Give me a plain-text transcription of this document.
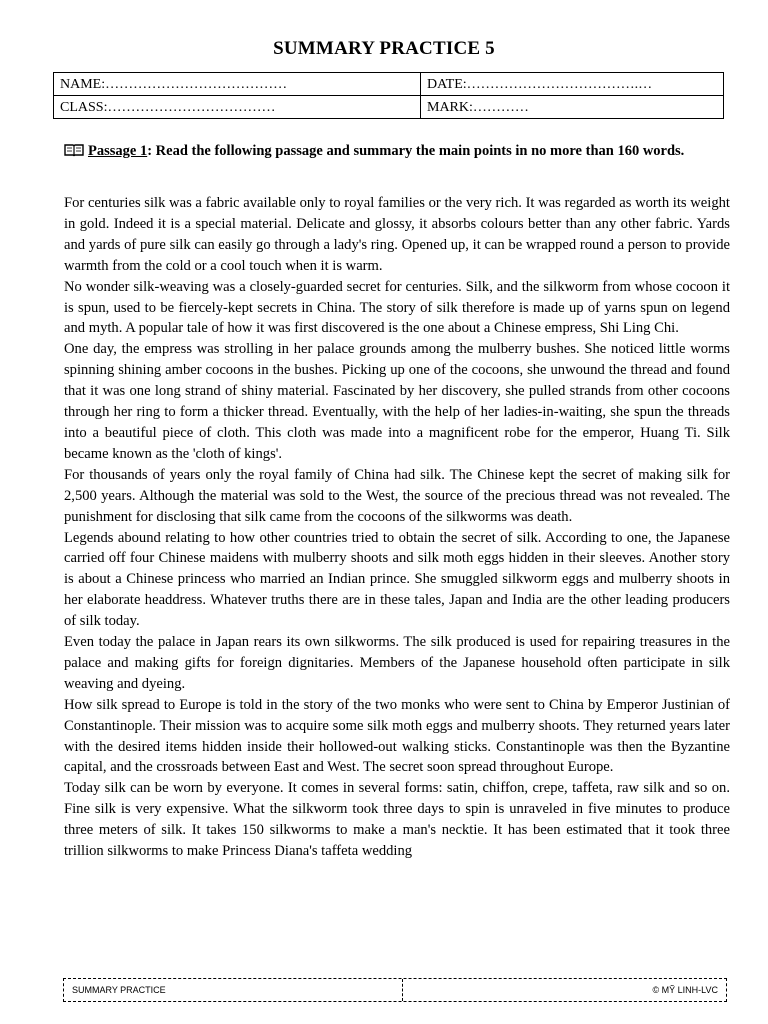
SUMMARY PRACTICE 5
NAME:…………………………………	DATE:……………………………….…
CLASS:………………………………	MARK:…………
Passage 1: Read the following passage and summary the main points in no more than 160 words.

For centuries silk was a fabric available only to royal families or the very rich. It was regarded as worth its weight in gold. Indeed it is a special material. Delicate and glossy, it absorbs colours better than any other fabric. Yards and yards of pure silk can easily go through a lady's ring. Opened up, it can be wrapped round a person to provide warmth from the cold or a cool touch when it is warm.

No wonder silk-weaving was a closely-guarded secret for centuries. Silk, and the silkworm from whose cocoon it is spun, used to be fiercely-kept secrets in China. The story of silk therefore is made up of yarns spun on legend and myth. A popular tale of how it was first discovered is the one about a Chinese empress, Shi Ling Chi.

One day, the empress was strolling in her palace grounds among the mulberry bushes. She noticed little worms spinning shining amber cocoons in the bushes. Picking up one of the cocoons, she unwound the thread and found that it was one long strand of shiny material. Fascinated by her discovery, she pulled strands from other cocoons through her ring to form a thicker thread. Eventually, with the help of her ladies-in-waiting, she spun the threads into a beautiful piece of cloth. This cloth was made into a magnificent robe for the emperor, Huang Ti. Silk became known as the 'cloth of kings'.

For thousands of years only the royal family of China had silk. The Chinese kept the secret of making silk for 2,500 years. Although the material was sold to the West, the source of the precious thread was not revealed. The punishment for disclosing that silk came from the cocoons of the silkworms was death.

Legends abound relating to how other countries tried to obtain the secret of silk. According to one, the Japanese carried off four Chinese maidens with mulberry shoots and silk moth eggs hidden in their sleeves. Another story is about a Chinese princess who married an Indian prince. She smuggled silkworm eggs and mulberry shoots in her elaborate headdress. Whatever truths there are in these tales, Japan and India are the other leading producers of silk today.

Even today the palace in Japan rears its own silkworms. The silk produced is used for repairing treasures in the palace and making gifts for foreign dignitaries. Members of the Japanese household often participate in silk weaving and dyeing.

How silk spread to Europe is told in the story of the two monks who were sent to China by Emperor Justinian of Constantinople. Their mission was to acquire some silk moth eggs and mulberry shoots. They returned years later with the desired items hidden inside their hollowed-out walking sticks. Constantinople was then the Byzantine capital, and the crossroads between East and West. The secret soon spread throughout Europe.

Today silk can be worn by everyone. It comes in several forms: satin, chiffon, crepe, taffeta, raw silk and so on. Fine silk is very expensive. What the silkworm took three days to spin is unraveled in five minutes to produce three meters of silk. It takes 150 silkworms to make a man's necktie. It has been estimated that it took three trillion silkworms to make Princess Diana's taffeta wedding

SUMMARY PRACTICE	© MỸ LINH-LVC
